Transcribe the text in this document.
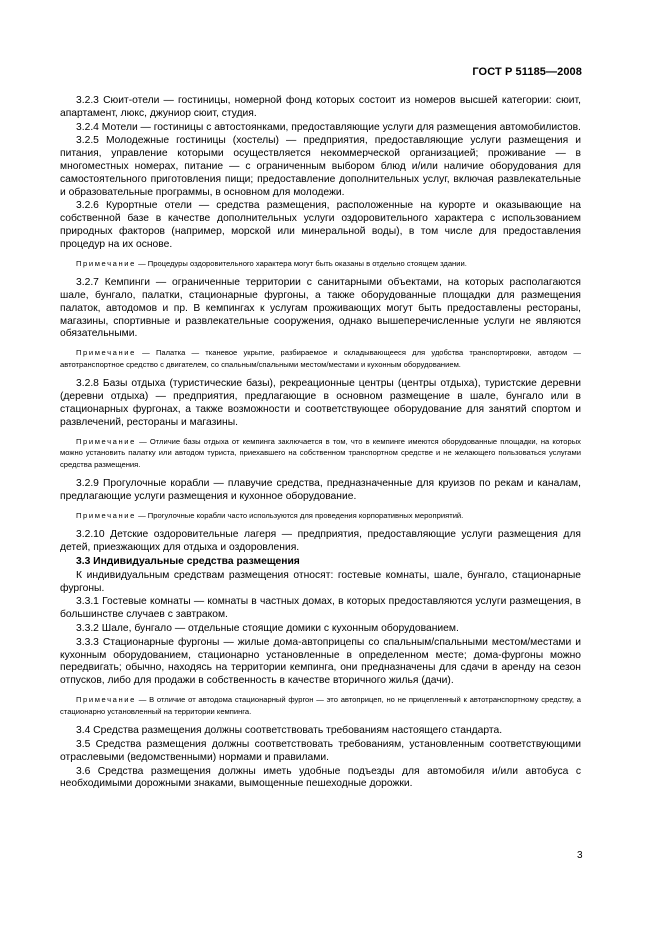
ГОСТ Р 51185—2008

3.2.3 Сюит-отели — гостиницы, номерной фонд которых состоит из номеров высшей категории: сюит, апартамент, люкс, джуниор сюит, студия.

3.2.4 Мотели — гостиницы с автостоянками, предоставляющие услуги для размещения автомобилистов.

3.2.5 Молодежные гостиницы (хостелы) — предприятия, предоставляющие услуги размещения и питания, управление которыми осуществляется некоммерческой организацией; проживание — в многоместных номерах, питание — с ограниченным выбором блюд и/или наличие оборудования для самостоятельного приготовления пищи; предоставление дополнительных услуг, включая развлекательные и образовательные программы, в основном для молодежи.

3.2.6 Курортные отели — средства размещения, расположенные на курорте и оказывающие на собственной базе в качестве дополнительных услуги оздоровительного характера с использованием природных факторов (например, морской или минеральной воды), в том числе для предоставления процедур на их основе.

Примечание — Процедуры оздоровительного характера могут быть оказаны в отдельно стоящем здании.

3.2.7 Кемпинги — ограниченные территории с санитарными объектами, на которых располагаются шале, бунгало, палатки, стационарные фургоны, а также оборудованные площадки для размещения палаток, автодомов и пр. В кемпингах к услугам проживающих могут быть предоставлены рестораны, магазины, спортивные и развлекательные сооружения, однако вышеперечисленные услуги не являются обязательными.

Примечание — Палатка — тканевое укрытие, разбираемое и складывающееся для удобства транспортировки, автодом — автотранспортное средство с двигателем, со спальным/спальными местом/местами и кухонным оборудованием.

3.2.8 Базы отдыха (туристические базы), рекреационные центры (центры отдыха), туристские деревни (деревни отдыха) — предприятия, предлагающие в основном размещение в шале, бунгало или в стационарных фургонах, а также возможности и соответствующее оборудование для занятий спортом и развлечений, рестораны и магазины.

Примечание — Отличие базы отдыха от кемпинга заключается в том, что в кемпинге имеются оборудованные площадки, на которых можно установить палатку или автодом туриста, приехавшего на собственном транспортном средстве и не желающего пользоваться услугами средства размещения.

3.2.9 Прогулочные корабли — плавучие средства, предназначенные для круизов по рекам и каналам, предлагающие услуги размещения и кухонное оборудование.

Примечание — Прогулочные корабли часто используются для проведения корпоративных мероприятий.

3.2.10 Детские оздоровительные лагеря — предприятия, предоставляющие услуги размещения для детей, приезжающих для отдыха и оздоровления.

3.3 Индивидуальные средства размещения

К индивидуальным средствам размещения относят: гостевые комнаты, шале, бунгало, стационарные фургоны.

3.3.1 Гостевые комнаты — комнаты в частных домах, в которых предоставляются услуги размещения, в большинстве случаев с завтраком.

3.3.2 Шале, бунгало — отдельные стоящие домики с кухонным оборудованием.

3.3.3 Стационарные фургоны — жилые дома-автоприцепы со спальным/спальными местом/местами и кухонным оборудованием, стационарно установленные в определенном месте; дома-фургоны можно передвигать; обычно, находясь на территории кемпинга, они предназначены для сдачи в аренду на сезон отпусков, либо для продажи в собственность в качестве вторичного жилья (дачи).

Примечание — В отличие от автодома стационарный фургон — это автоприцеп, но не прицепленный к автотранспортному средству, а стационарно установленный на территории кемпинга.

3.4 Средства размещения должны соответствовать требованиям настоящего стандарта.

3.5 Средства размещения должны соответствовать требованиям, установленным соответствующими отраслевыми (ведомственными) нормами и правилами.

3.6 Средства размещения должны иметь удобные подъезды для автомобиля и/или автобуса с необходимыми дорожными знаками, вымощенные пешеходные дорожки.

3
